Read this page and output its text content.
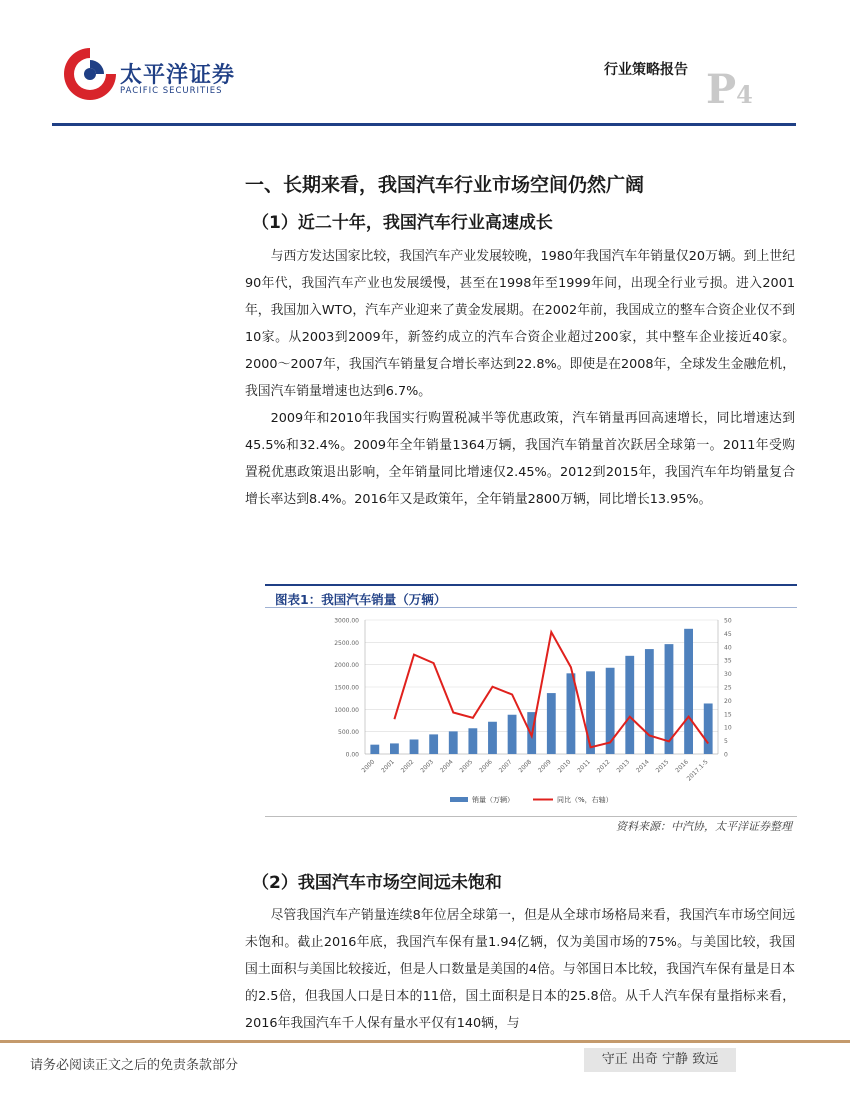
太平洋证券
PACIFIC SECURITIES
行业策略报告 P4
一、长期来看，我国汽车行业市场空间仍然广阔
（1）近二十年，我国汽车行业高速成长

与西方发达国家比较，我国汽车产业发展较晚，1980年我国汽车年销量仅20万辆。到上世纪90年代，我国汽车产业也发展缓慢，甚至在1998年至1999年间，出现全行业亏损。进入2001年，我国加入WTO，汽车产业迎来了黄金发展期。在2002年前，我国成立的整车合资企业仅不到10家。从2003到2009年，新签约成立的汽车合资企业超过200家，其中整车企业接近40家。2000～2007年，我国汽车销量复合增长率达到22.8%。即使是在2008年，全球发生金融危机，我国汽车销量增速也达到6.7%。

2009年和2010年我国实行购置税减半等优惠政策，汽车销量再回高速增长，同比增速达到45.5%和32.4%。2009年全年销量1364万辆，我国汽车销量首次跃居全球第一。2011年受购置税优惠政策退出影响，全年销量同比增速仅2.45%。2012到2015年，我国汽车年均销量复合增长率达到8.4%。2016年又是政策年，全年销量2800万辆，同比增长13.95%。

图表1：我国汽车销量（万辆）
0.00
500.00
1000.00
1500.00
2000.00
2500.00
3000.00
0
5
10
15
20
25
30
35
40
45
50
2000 2001 2002 2003 2004 2005 2006 2007 2008 2009 2010 2011 2012 2013 2014 2015 2016
2017.1-5
销量（万辆）	同比（%，右轴）
资料来源：中汽协，太平洋证券整理
（2）我国汽车市场空间远未饱和

尽管我国汽车产销量连续8年位居全球第一，但是从全球市场格局来看，我国汽车市场空间远未饱和。截止2016年底，我国汽车保有量1.94亿辆，仅为美国市场的75%。与美国比较，我国国土面积与美国比较接近，但是人口数量是美国的4倍。与邻国日本比较，我国汽车保有量是日本的2.5倍，但我国人口是日本的11倍，国土面积是日本的25.8倍。从千人汽车保有量指标来看，2016年我国汽车千人保有量水平仅有140辆，与

请务必阅读正文之后的免责条款部分	守正 出奇 宁静 致远
